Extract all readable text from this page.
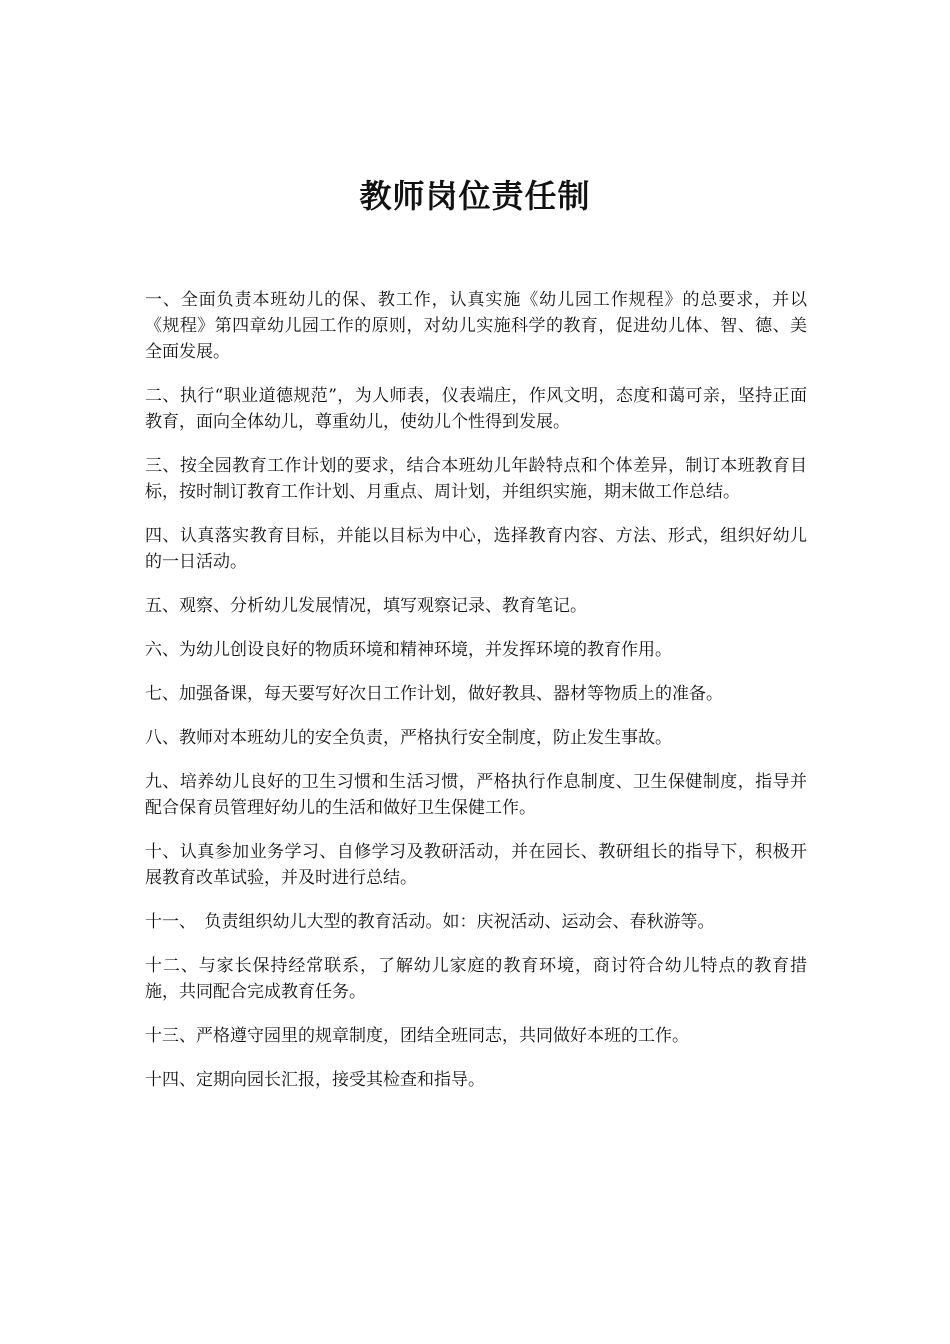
教师岗位责任制

一、全面负责本班幼儿的保、教工作，认真实施《幼儿园工作规程》的总要求，并以《规程》第四章幼儿园工作的原则，对幼儿实施科学的教育，促进幼儿体、智、德、美全面发展。

二、执行“职业道德规范”，为人师表，仪表端庄，作风文明，态度和蔼可亲，坚持正面教育，面向全体幼儿，尊重幼儿，使幼儿个性得到发展。

三、按全园教育工作计划的要求，结合本班幼儿年龄特点和个体差异，制订本班教育目标，按时制订教育工作计划、月重点、周计划，并组织实施，期末做工作总结。

四、认真落实教育目标，并能以目标为中心，选择教育内容、方法、形式，组织好幼儿的一日活动。

五、观察、分析幼儿发展情况，填写观察记录、教育笔记。

六、为幼儿创设良好的物质环境和精神环境，并发挥环境的教育作用。

七、加强备课，每天要写好次日工作计划，做好教具、器材等物质上的准备。

八、教师对本班幼儿的安全负责，严格执行安全制度，防止发生事故。

九、培养幼儿良好的卫生习惯和生活习惯，严格执行作息制度、卫生保健制度，指导并配合保育员管理好幼儿的生活和做好卫生保健工作。

十、认真参加业务学习、自修学习及教研活动，并在园长、教研组长的指导下，积极开展教育改革试验，并及时进行总结。

十一、　负责组织幼儿大型的教育活动。如：庆祝活动、运动会、春秋游等。

十二、与家长保持经常联系，了解幼儿家庭的教育环境，商讨符合幼儿特点的教育措施，共同配合完成教育任务。

十三、严格遵守园里的规章制度，团结全班同志，共同做好本班的工作。

十四、定期向园长汇报，接受其检查和指导。
